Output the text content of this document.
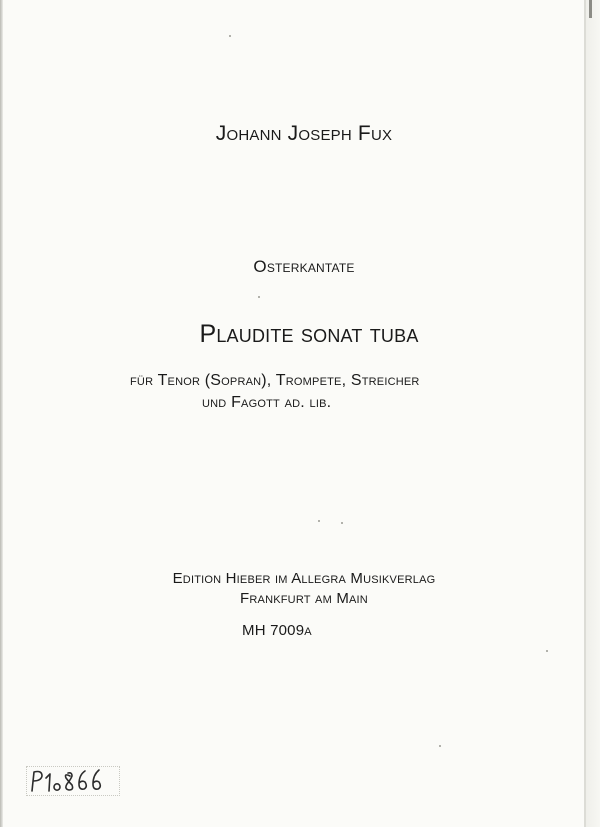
Johann Joseph Fux
Osterkantate
Plaudite sonat tuba
für Tenor (Sopran), Trompete, Streicher
und Fagott ad. lib.
Edition Hieber im Allegra Musikverlag
Frankfurt am Main
MH 7009a
